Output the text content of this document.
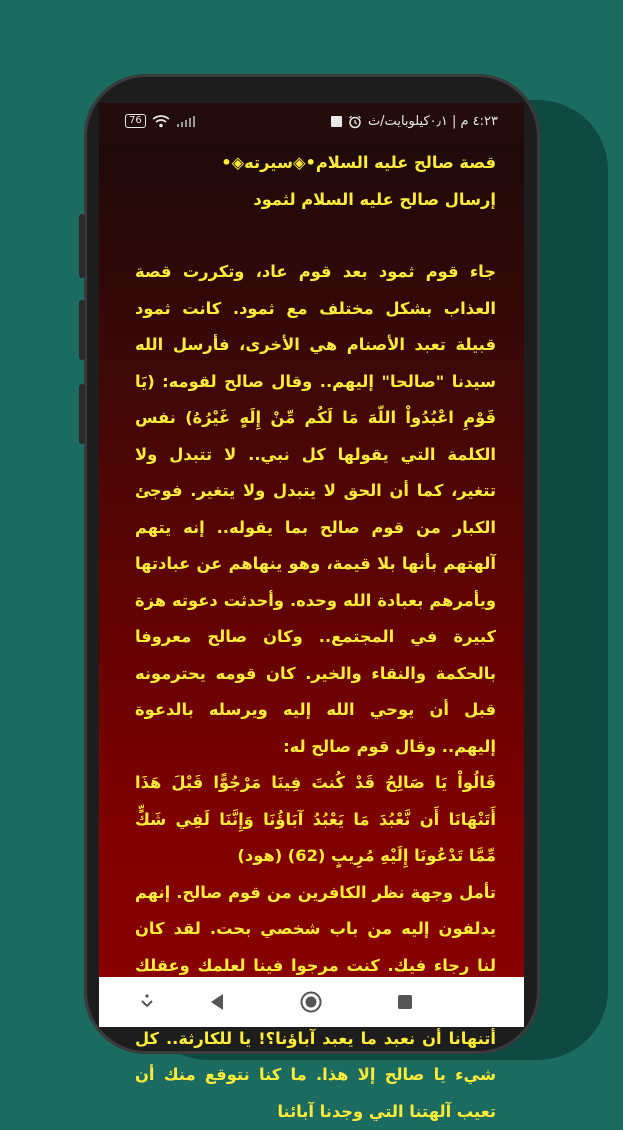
٤:٢٣ م | ٠٫١كيلوبايت/ث
76
قصة صالح عليه السلام•◈سيرته◈•
إرسال صالح عليه السلام لثمود
جاء قوم ثمود بعد قوم عاد، وتكررت قصة العذاب بشكل مختلف مع ثمود. كانت ثمود قبيلة تعبد الأصنام هي الأخرى، فأرسل الله سيدنا "صالحا" إليهم.. وقال صالح لقومه: (يَا قَوْمِ اعْبُدُواْ اللّهَ مَا لَكُم مِّنْ إِلَهٍ غَيْرُهُ) نفس الكلمة التي يقولها كل نبي.. لا تتبدل ولا تتغير، كما أن الحق لا يتبدل ولا يتغير. فوجئ الكبار من قوم صالح بما يقوله.. إنه يتهم آلهتهم بأنها بلا قيمة، وهو ينهاهم عن عبادتها ويأمرهم بعبادة الله وحده. وأحدثت دعوته هزة كبيرة في المجتمع.. وكان صالح معروفا بالحكمة والنقاء والخير. كان قومه يحترمونه قبل أن يوحي الله إليه ويرسله بالدعوة إليهم.. وقال قوم صالح له:
قَالُواْ يَا صَالِحُ قَدْ كُنتَ فِينَا مَرْجُوًّا قَبْلَ هَذَا أَتَنْهَانَا أَن نَّعْبُدَ مَا يَعْبُدُ آبَاؤُنَا وَإِنَّنَا لَفِي شَكٍّ مِّمَّا تَدْعُونَا إِلَيْهِ مُرِيبٍ (62) (هود)
تأمل وجهة نظر الكافرين من قوم صالح. إنهم يدلفون إليه من باب شخصي بحت. لقد كان لنا رجاء فيك. كنت مرجوا فينا لعلمك وعقلك أتنهانا أن نعبد ما يعبد آباؤنا؟! يا للكارثة.. كل شيء يا صالح إلا هذا. ما كنا نتوقع منك أن تعيب آلهتنا التي وجدنا آبائنا
